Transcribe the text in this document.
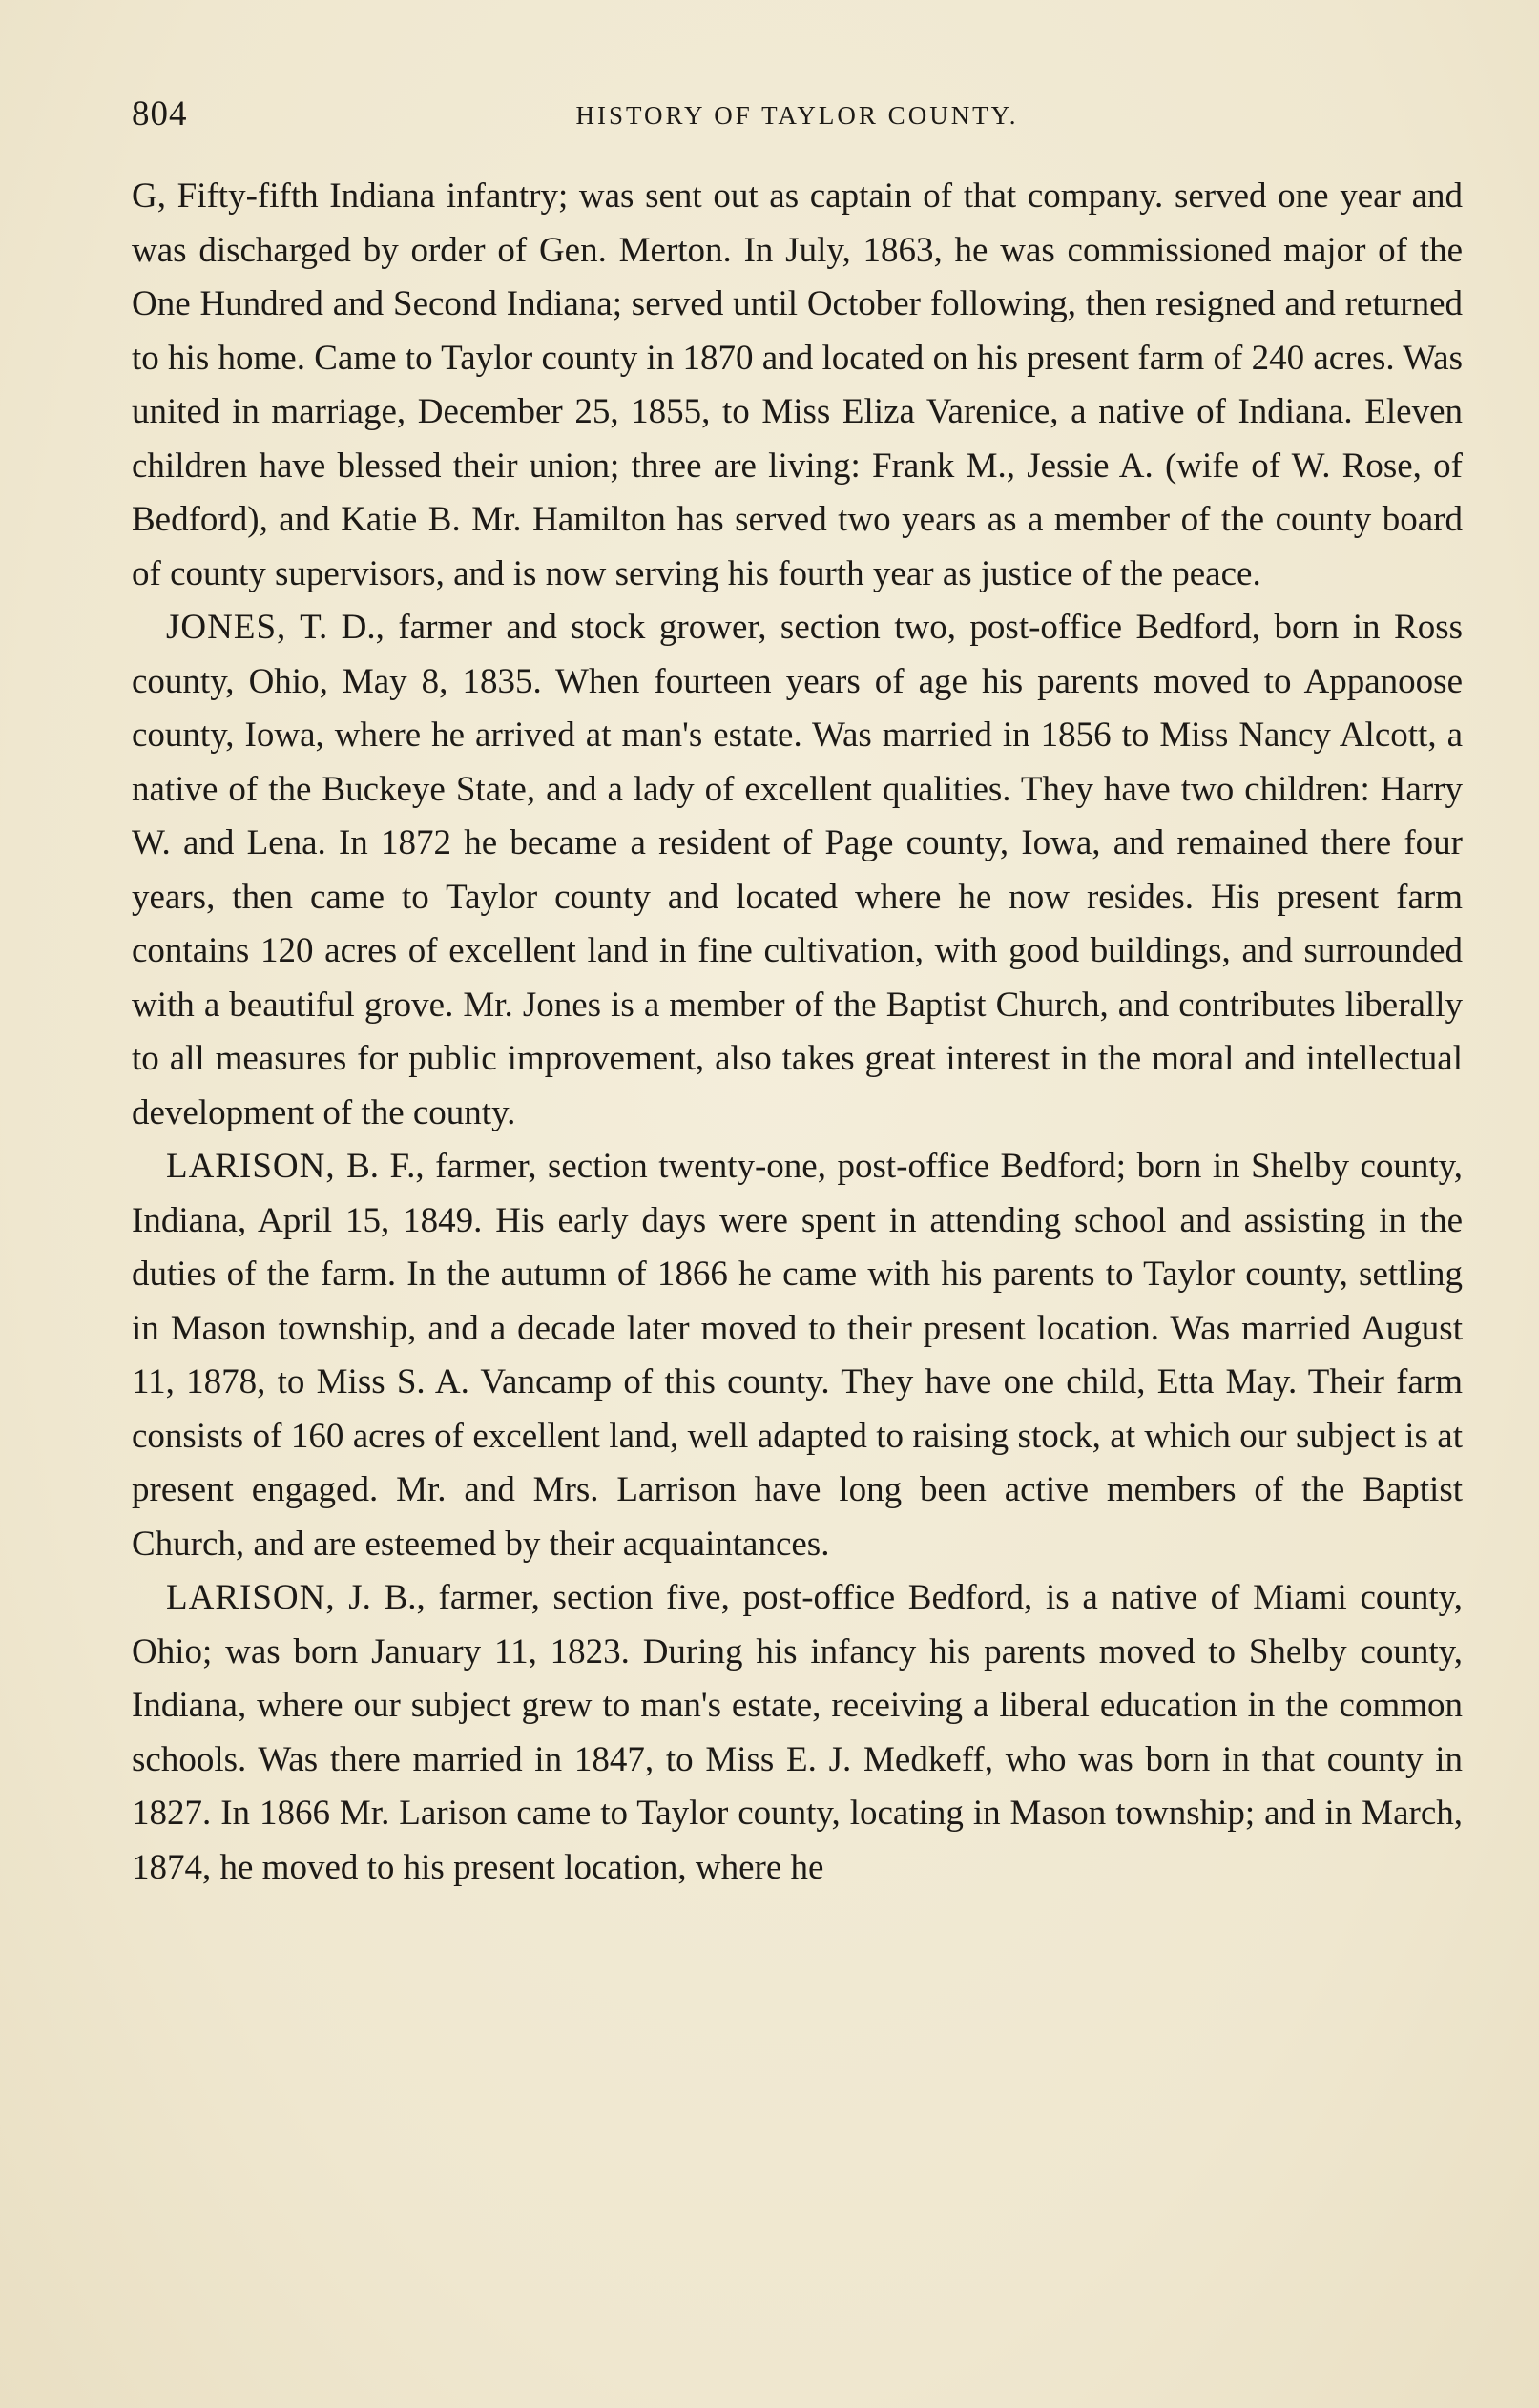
804	HISTORY OF TAYLOR COUNTY.

G, Fifty-fifth Indiana infantry; was sent out as captain of that company. served one year and was discharged by order of Gen. Merton. In July, 1863, he was commissioned major of the One Hundred and Second Indiana; served until October following, then resigned and returned to his home. Came to Taylor county in 1870 and located on his present farm of 240 acres. Was united in marriage, December 25, 1855, to Miss Eliza Varenice, a native of Indiana. Eleven children have blessed their union; three are living: Frank M., Jessie A. (wife of W. Rose, of Bedford), and Katie B. Mr. Hamilton has served two years as a member of the county board of county supervisors, and is now serving his fourth year as justice of the peace.

JONES, T. D., farmer and stock grower, section two, post-office Bedford, born in Ross county, Ohio, May 8, 1835. When fourteen years of age his parents moved to Appanoose county, Iowa, where he arrived at man's estate. Was married in 1856 to Miss Nancy Alcott, a native of the Buckeye State, and a lady of excellent qualities. They have two children: Harry W. and Lena. In 1872 he became a resident of Page county, Iowa, and remained there four years, then came to Taylor county and located where he now resides. His present farm contains 120 acres of excellent land in fine cultivation, with good buildings, and surrounded with a beautiful grove. Mr. Jones is a member of the Baptist Church, and contributes liberally to all measures for public improvement, also takes great interest in the moral and intellectual development of the county.

LARISON, B. F., farmer, section twenty-one, post-office Bedford; born in Shelby county, Indiana, April 15, 1849. His early days were spent in attending school and assisting in the duties of the farm. In the autumn of 1866 he came with his parents to Taylor county, settling in Mason township, and a decade later moved to their present location. Was married August 11, 1878, to Miss S. A. Vancamp of this county. They have one child, Etta May. Their farm consists of 160 acres of excellent land, well adapted to raising stock, at which our subject is at present engaged. Mr. and Mrs. Larrison have long been active members of the Baptist Church, and are esteemed by their acquaintances.

LARISON, J. B., farmer, section five, post-office Bedford, is a native of Miami county, Ohio; was born January 11, 1823. During his infancy his parents moved to Shelby county, Indiana, where our subject grew to man's estate, receiving a liberal education in the common schools. Was there married in 1847, to Miss E. J. Medkeff, who was born in that county in 1827. In 1866 Mr. Larison came to Taylor county, locating in Mason township; and in March, 1874, he moved to his present location, where he
